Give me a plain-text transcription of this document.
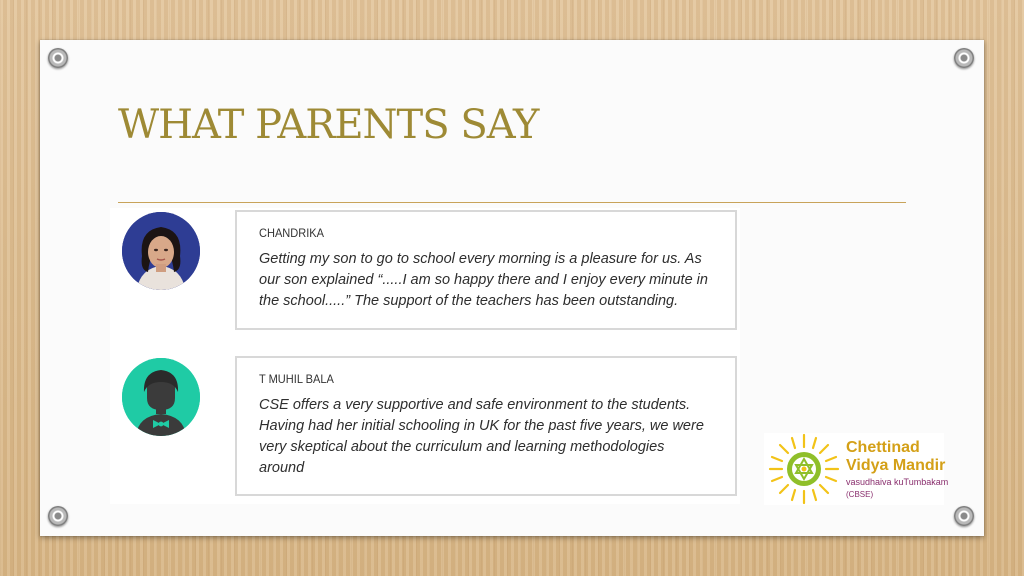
WHAT PARENTS SAY
CHANDRIKA
Getting my son to go to school every morning is a pleasure for us. As our son explained “.....I am so happy there and I enjoy every minute in the school.....” The support of the teachers has been outstanding.
T MUHIL BALA
CSE offers a very supportive and safe environment to the students. Having had her initial schooling in UK for the past five years, we were very skeptical about the curriculum and learning methodologies around
Chettinad
Vidya Mandir
vasudhaiva kuTumbakam
(CBSE)
